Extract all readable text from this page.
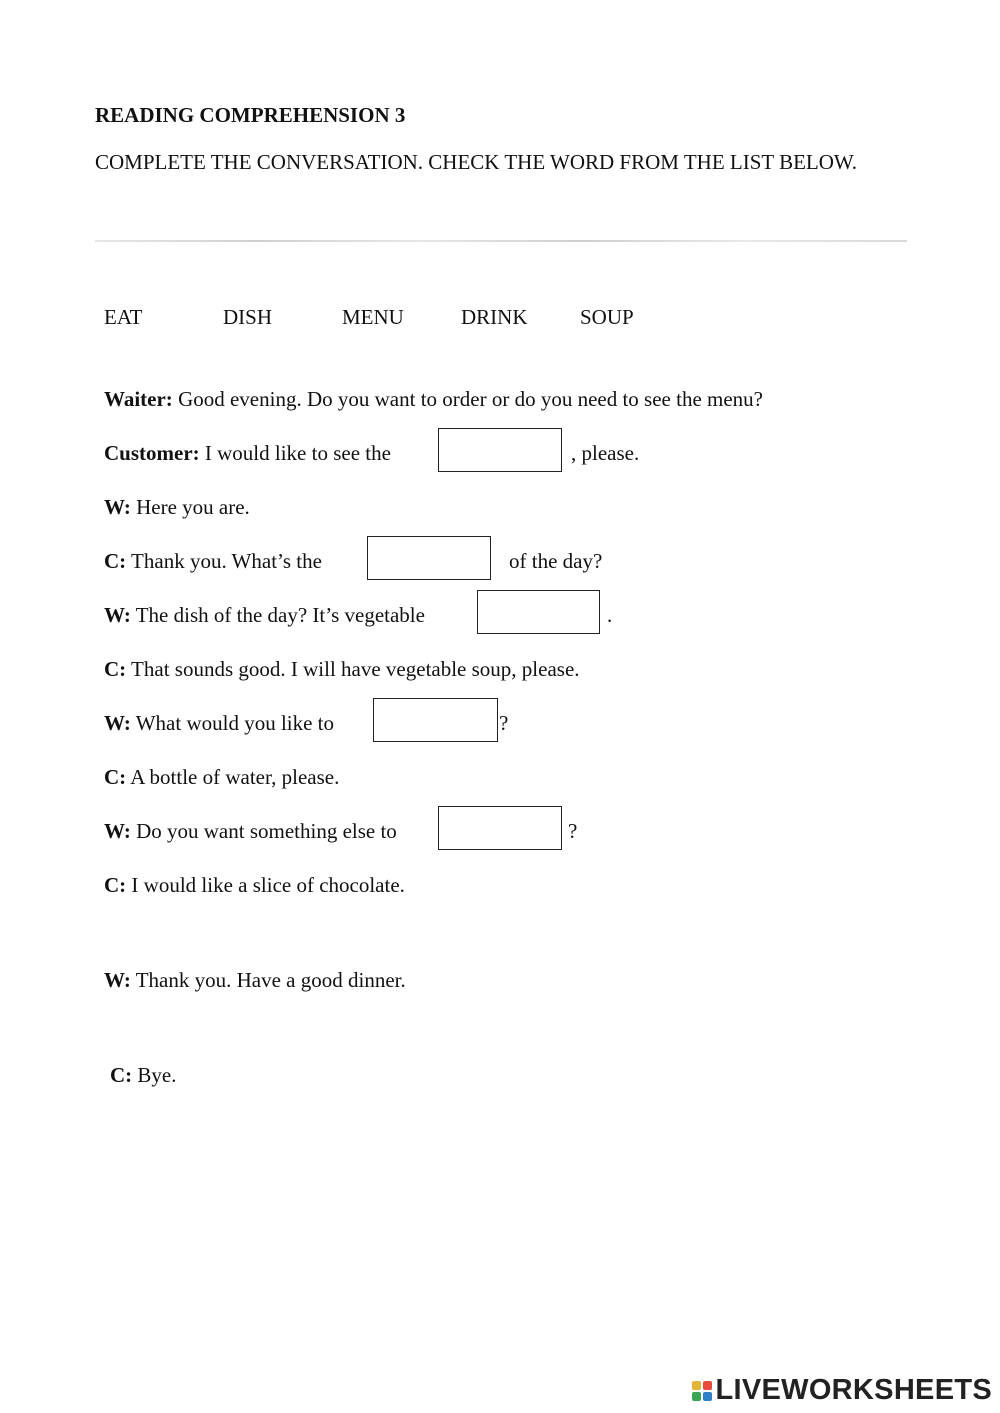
READING COMPREHENSION 3
COMPLETE THE CONVERSATION. CHECK THE WORD FROM THE LIST BELOW.
EAT	DISH	MENU	DRINK	SOUP
Waiter: Good evening. Do you want to order or do you need to see the menu?
Customer: I would like to see the	, please.
W: Here you are.
C: Thank you. What’s the	of the day?
W: The dish of the day? It’s vegetable	.
C: That sounds good. I will have vegetable soup, please.
W: What would you like to	?
C: A bottle of water, please.
W: Do you want something else to	?
C: I would like a slice of chocolate.
W: Thank you. Have a good dinner.
C: Bye.
LIVEWORKSHEETS
